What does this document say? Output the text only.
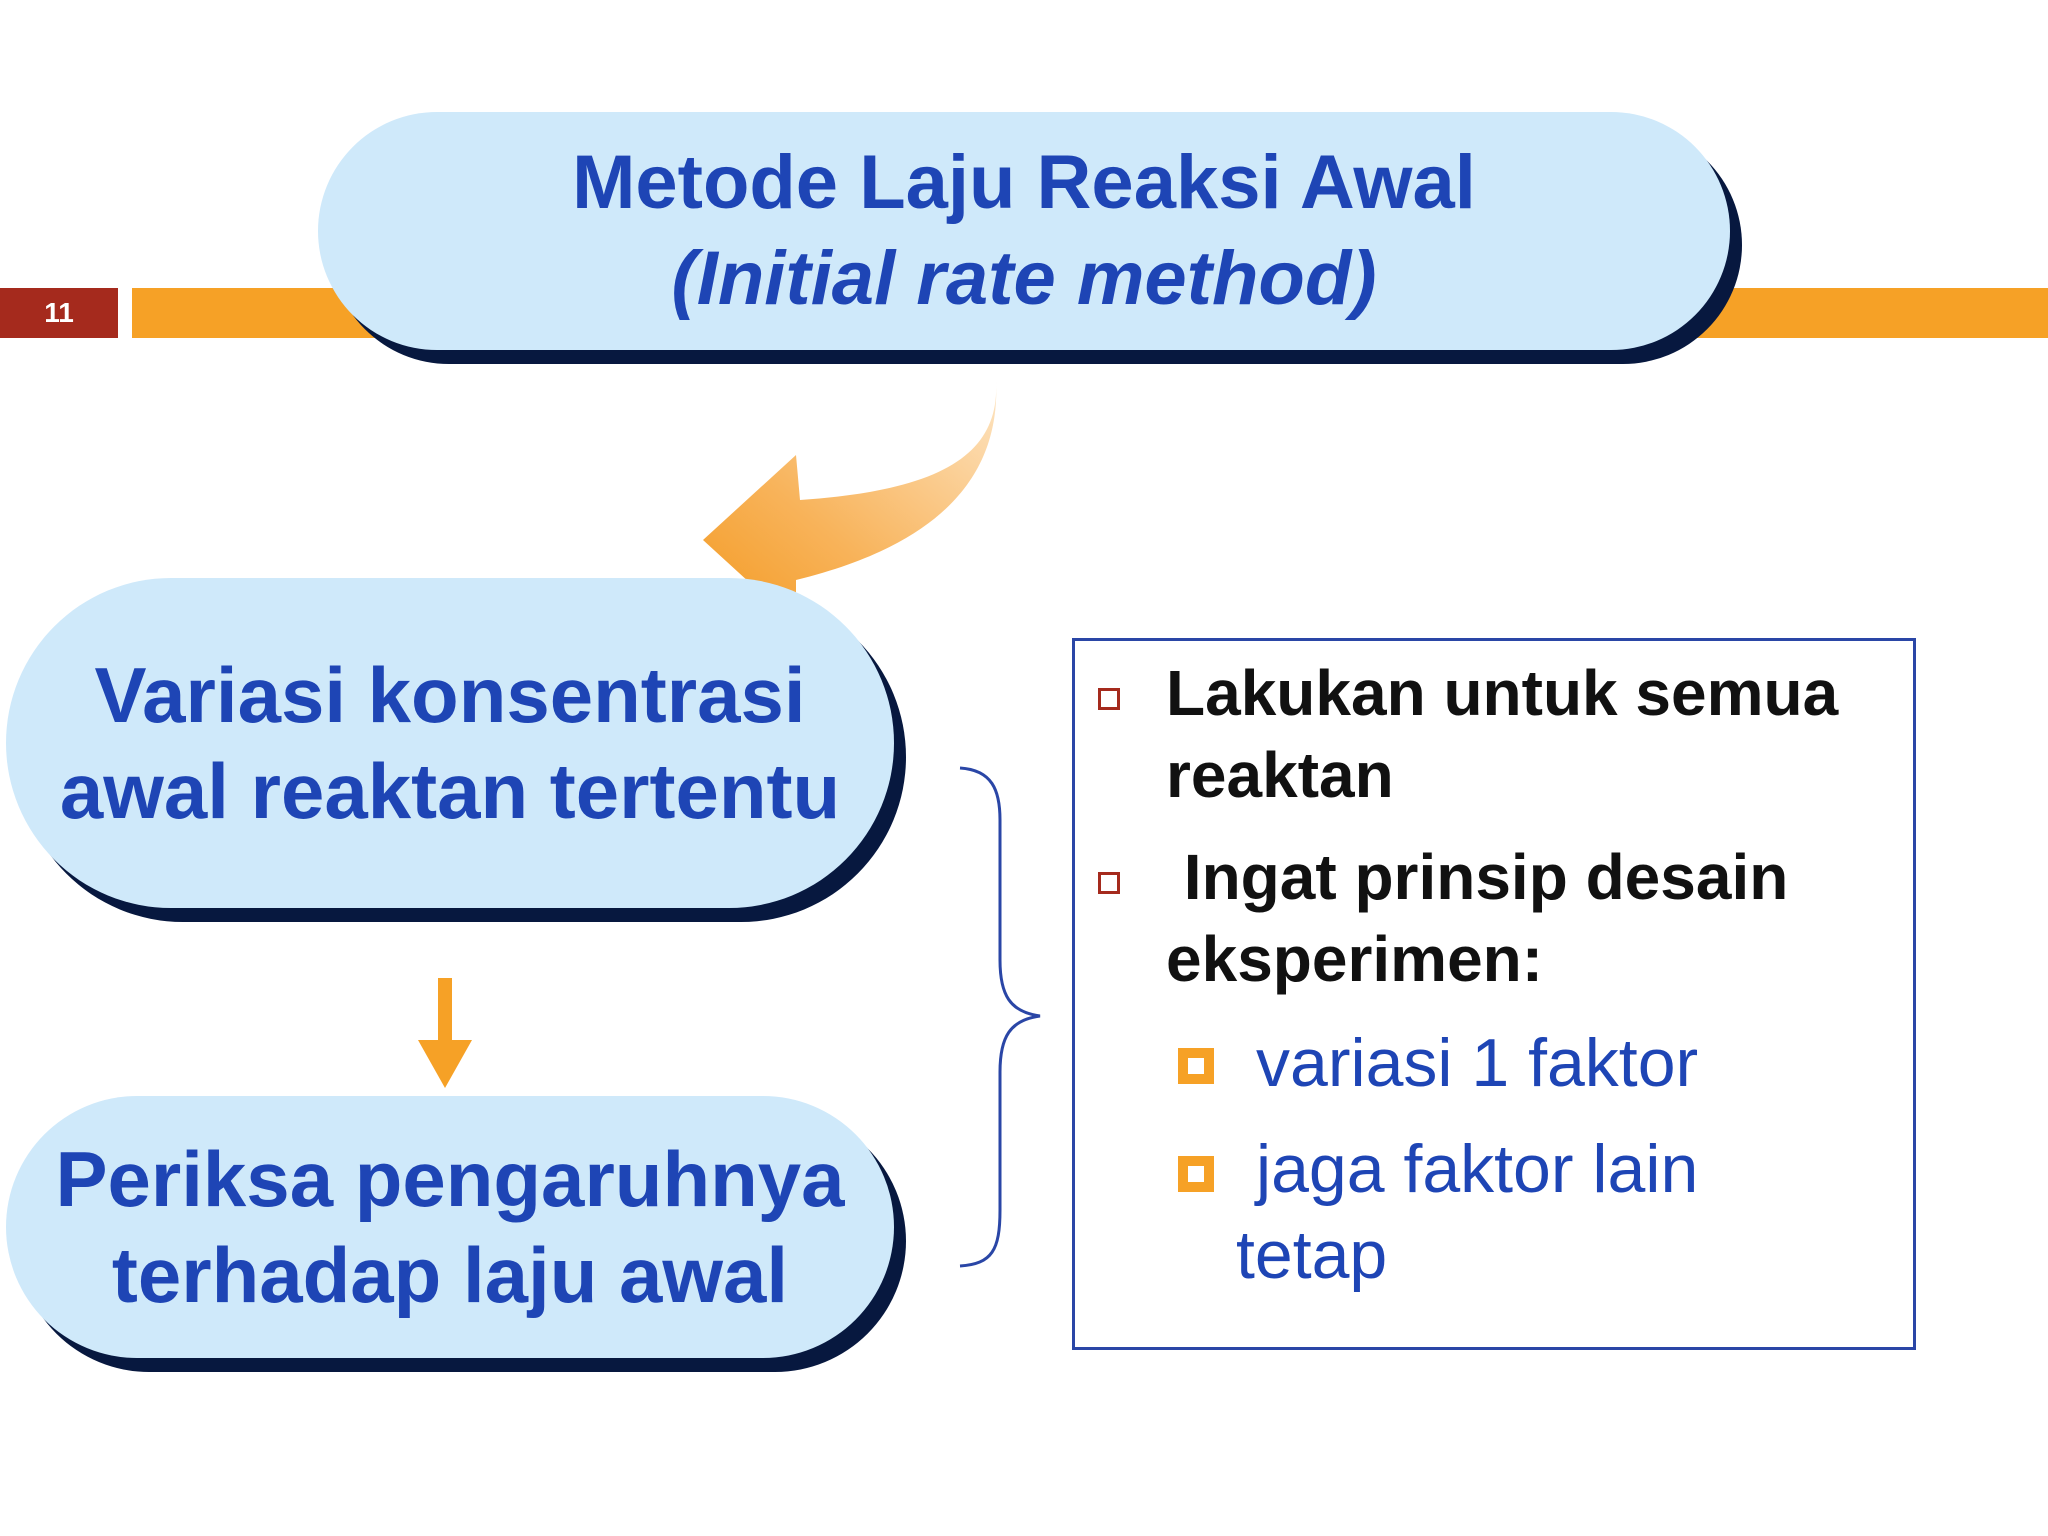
11
Metode Laju Reaksi Awal
(Initial rate method)
Variasi konsentrasi
awal reaktan tertentu
Periksa pengaruhnya
terhadap laju awal
Lakukan untuk semua
reaktan
Ingat prinsip desain
eksperimen:
variasi 1 faktor
jaga faktor lain
tetap
